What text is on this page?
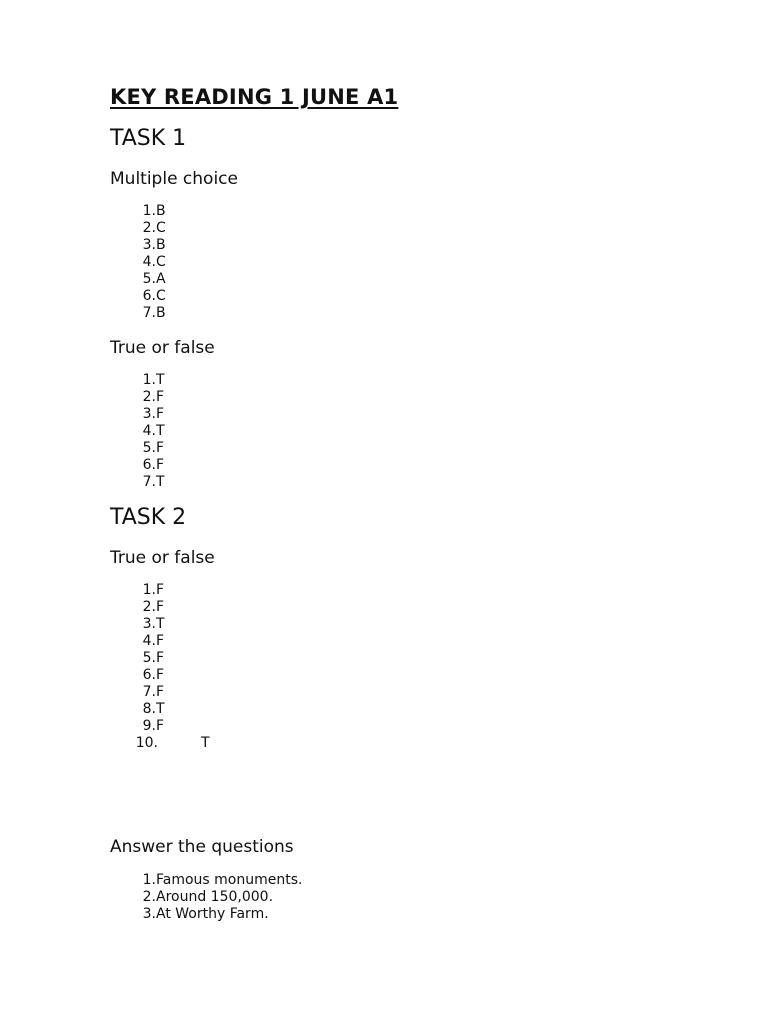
KEY READING 1 JUNE A1
TASK 1
Multiple choice
1. B
2. C
3. B
4. C
5. A
6. C
7. B
True or false
1. T
2. F
3. F
4. T
5. F
6. F
7. T
TASK 2
True or false
1. F
2. F
3. T
4. F
5. F
6. F
7. F
8. T
9. F
10.	T
Answer the questions
1. Famous monuments.
2. Around 150,000.
3. At Worthy Farm.
